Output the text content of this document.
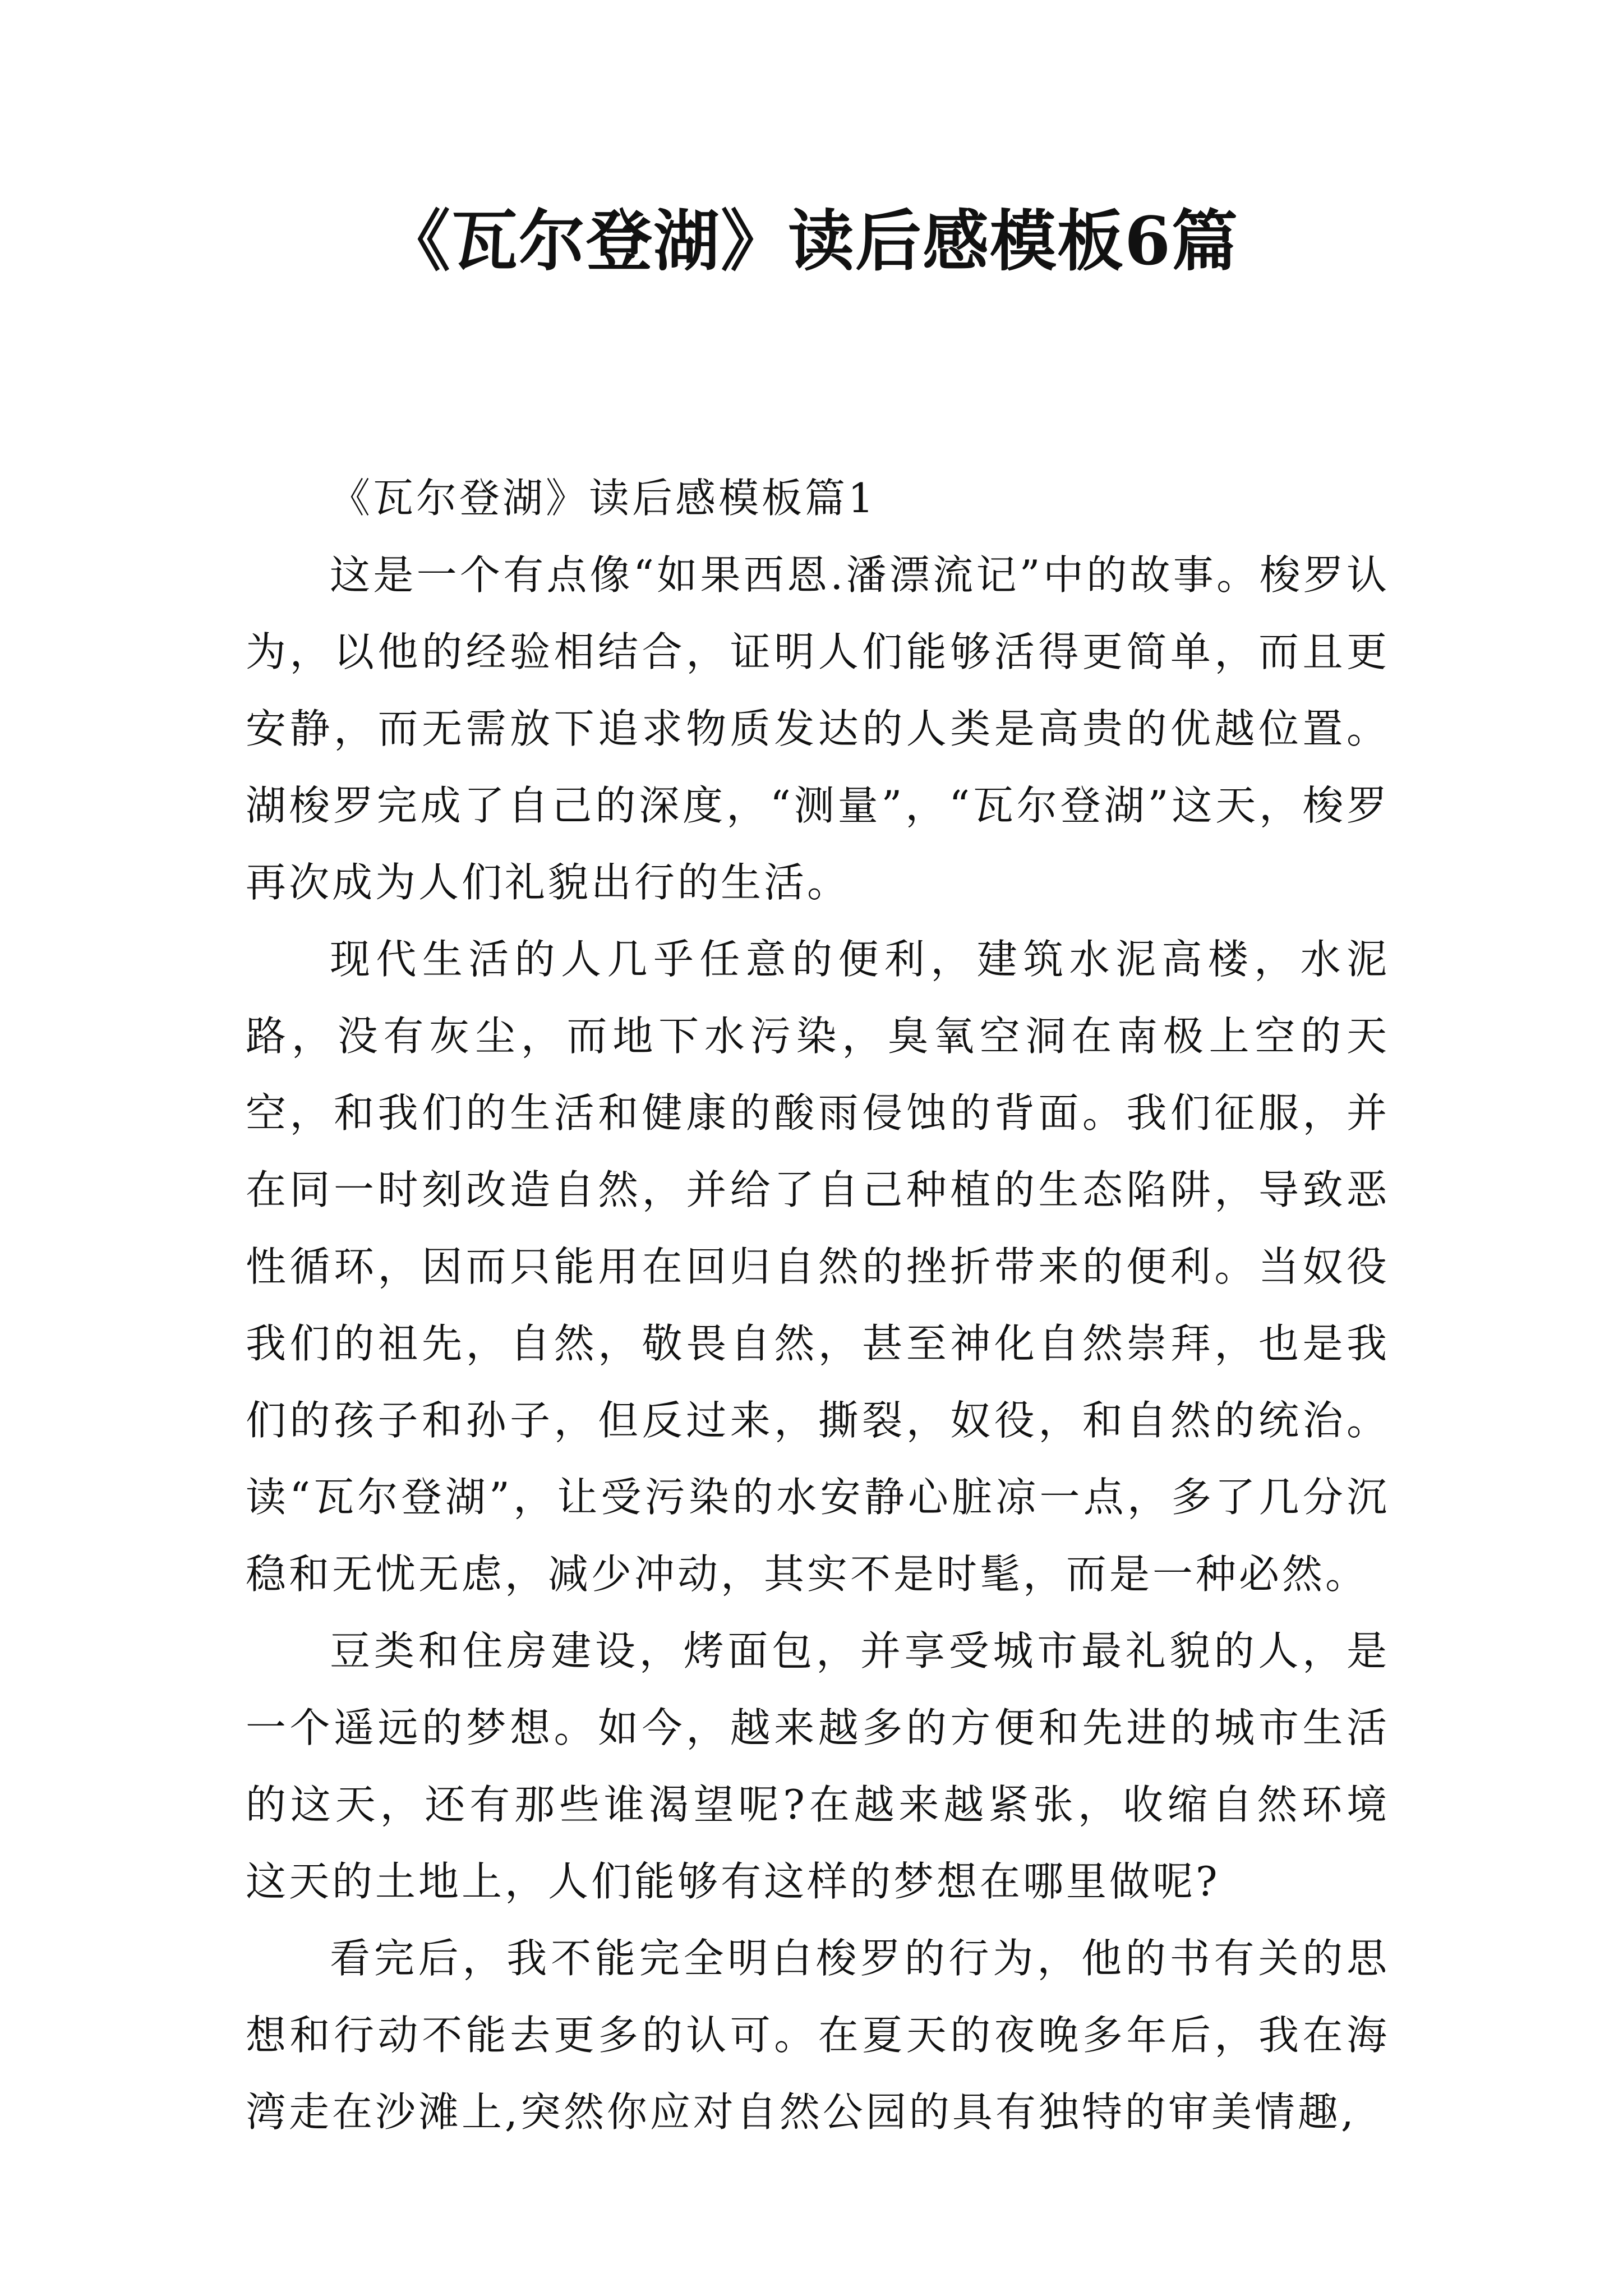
《瓦尔登湖》读后感模板6篇
《瓦尔登湖》读后感模板篇1

这是一个有点像“如果西恩.潘漂流记”中的故事。梭罗认为，以他的经验相结合，证明人们能够活得更简单，而且更安静，而无需放下追求物质发达的人类是高贵的优越位置。湖梭罗完成了自己的深度，“测量”，“瓦尔登湖”这天，梭罗再次成为人们礼貌出行的生活。

现代生活的人几乎任意的便利，建筑水泥高楼，水泥路，没有灰尘，而地下水污染，臭氧空洞在南极上空的天空，和我们的生活和健康的酸雨侵蚀的背面。我们征服，并在同一时刻改造自然，并给了自己种植的生态陷阱，导致恶性循环，因而只能用在回归自然的挫折带来的便利。当奴役我们的祖先，自然，敬畏自然，甚至神化自然崇拜，也是我们的孩子和孙子，但反过来，撕裂，奴役，和自然的统治。读“瓦尔登湖”，让受污染的水安静心脏凉一点，多了几分沉稳和无忧无虑，减少冲动，其实不是时髦，而是一种必然。

豆类和住房建设，烤面包，并享受城市最礼貌的人，是一个遥远的梦想。如今，越来越多的方便和先进的城市生活的这天，还有那些谁渴望呢?在越来越紧张，收缩自然环境这天的土地上，人们能够有这样的梦想在哪里做呢?

看完后，我不能完全明白梭罗的行为，他的书有关的思想和行动不能去更多的认可。在夏天的夜晚多年后，我在海湾走在沙滩上,突然你应对自然公园的具有独特的审美情趣,
